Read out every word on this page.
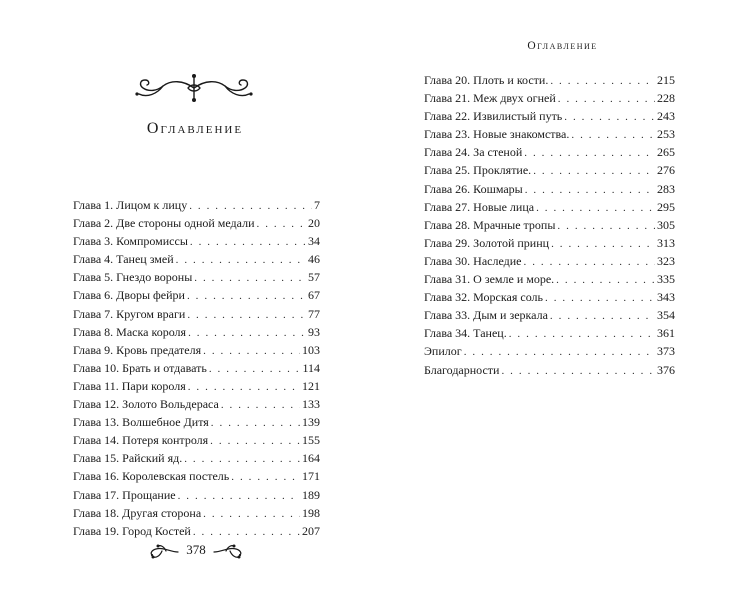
Оглавление
Глава 1. Лицом к лицу . . .	7
Глава 2. Две стороны одной медали . . .	20
Глава 3. Компромиссы . . .	34
Глава 4. Танец змей . . .	46
Глава 5. Гнездо вороны . . .	57
Глава 6. Дворы фейри . . .	67
Глава 7. Кругом враги . . .	77
Глава 8. Маска короля . . .	93
Глава 9. Кровь предателя . . .	103
Глава 10. Брать и отдавать . . .	114
Глава 11. Пари короля . . .	121
Глава 12. Золото Вольдераса . . .	133
Глава 13. Волшебное Дитя . . .	139
Глава 14. Потеря контроля . . .	155
Глава 15. Райский яд. . . .	164
Глава 16. Королевская постель . . .	171
Глава 17. Прощание . . .	189
Глава 18. Другая сторона . . .	198
Глава 19. Город Костей . . .	207
378
Оглавление
Глава 20. Плоть и кости. . . .	215
Глава 21. Меж двух огней . . .	228
Глава 22. Извилистый путь . . .	243
Глава 23. Новые знакомства. . . .	253
Глава 24. За стеной . . .	265
Глава 25. Проклятие. . . .	276
Глава 26. Кошмары . . .	283
Глава 27. Новые лица . . .	295
Глава 28. Мрачные тропы . . .	305
Глава 29. Золотой принц . . .	313
Глава 30. Наследие . . .	323
Глава 31. О земле и море. . . .	335
Глава 32. Морская соль . . .	343
Глава 33. Дым и зеркала . . .	354
Глава 34. Танец. . . .	361
Эпилог . . .	373
Благодарности . . .	376
